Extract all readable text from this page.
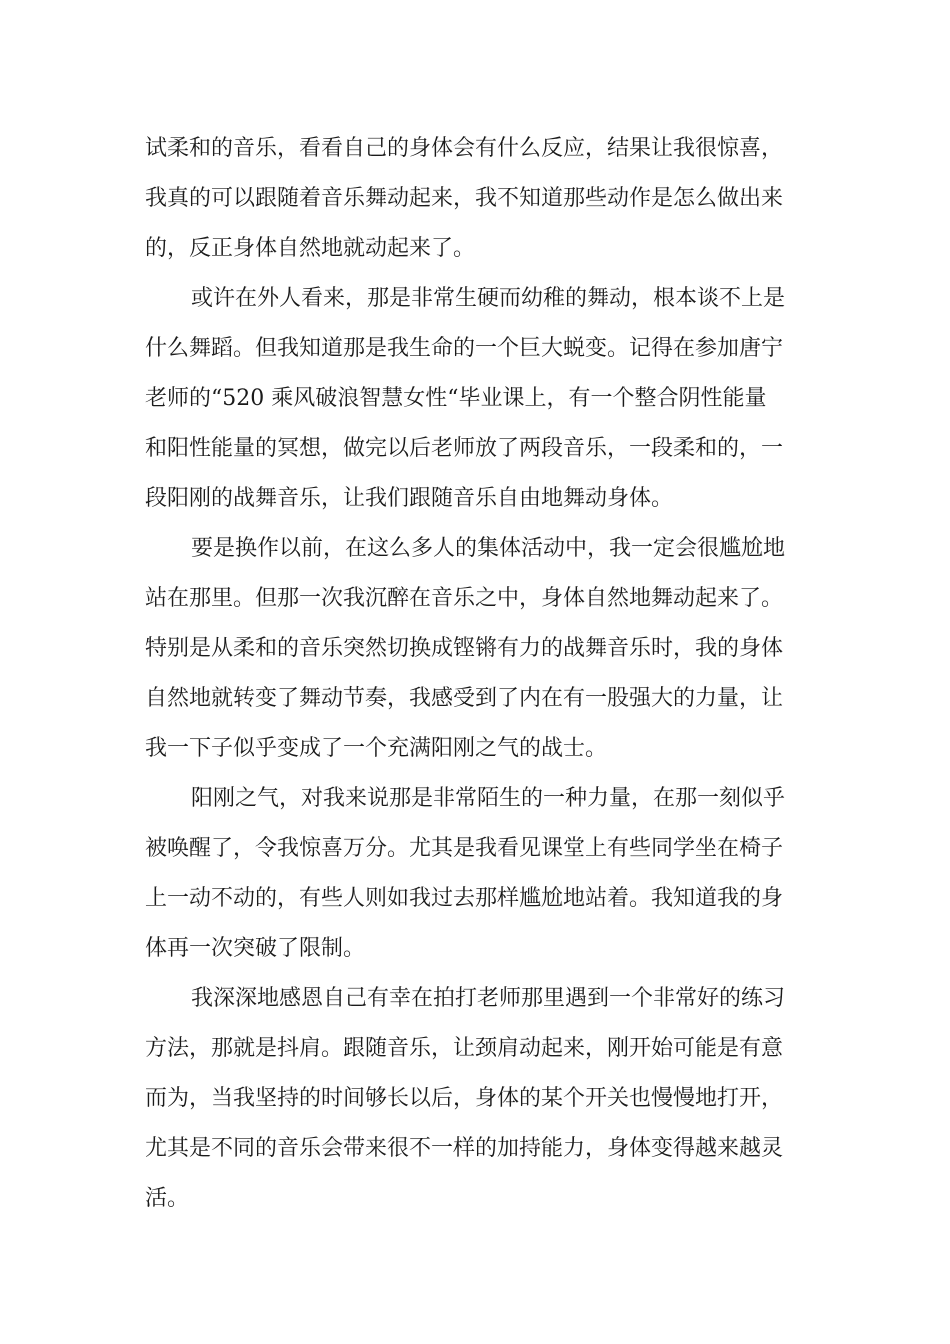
试柔和的音乐，看看自己的身体会有什么反应，结果让我很惊喜，
我真的可以跟随着音乐舞动起来，我不知道那些动作是怎么做出来
的，反正身体自然地就动起来了。

或许在外人看来，那是非常生硬而幼稚的舞动，根本谈不上是
什么舞蹈。但我知道那是我生命的一个巨大蜕变。记得在参加唐宁
老师的“520 乘风破浪智慧女性“毕业课上，有一个整合阴性能量
和阳性能量的冥想，做完以后老师放了两段音乐，一段柔和的，一
段阳刚的战舞音乐，让我们跟随音乐自由地舞动身体。

要是换作以前，在这么多人的集体活动中，我一定会很尴尬地
站在那里。但那一次我沉醉在音乐之中，身体自然地舞动起来了。
特别是从柔和的音乐突然切换成铿锵有力的战舞音乐时，我的身体
自然地就转变了舞动节奏，我感受到了内在有一股强大的力量，让
我一下子似乎变成了一个充满阳刚之气的战士。

阳刚之气，对我来说那是非常陌生的一种力量，在那一刻似乎
被唤醒了，令我惊喜万分。尤其是我看见课堂上有些同学坐在椅子
上一动不动的，有些人则如我过去那样尴尬地站着。我知道我的身
体再一次突破了限制。

我深深地感恩自己有幸在拍打老师那里遇到一个非常好的练习
方法，那就是抖肩。跟随音乐，让颈肩动起来，刚开始可能是有意
而为，当我坚持的时间够长以后，身体的某个开关也慢慢地打开，
尤其是不同的音乐会带来很不一样的加持能力，身体变得越来越灵
活。
